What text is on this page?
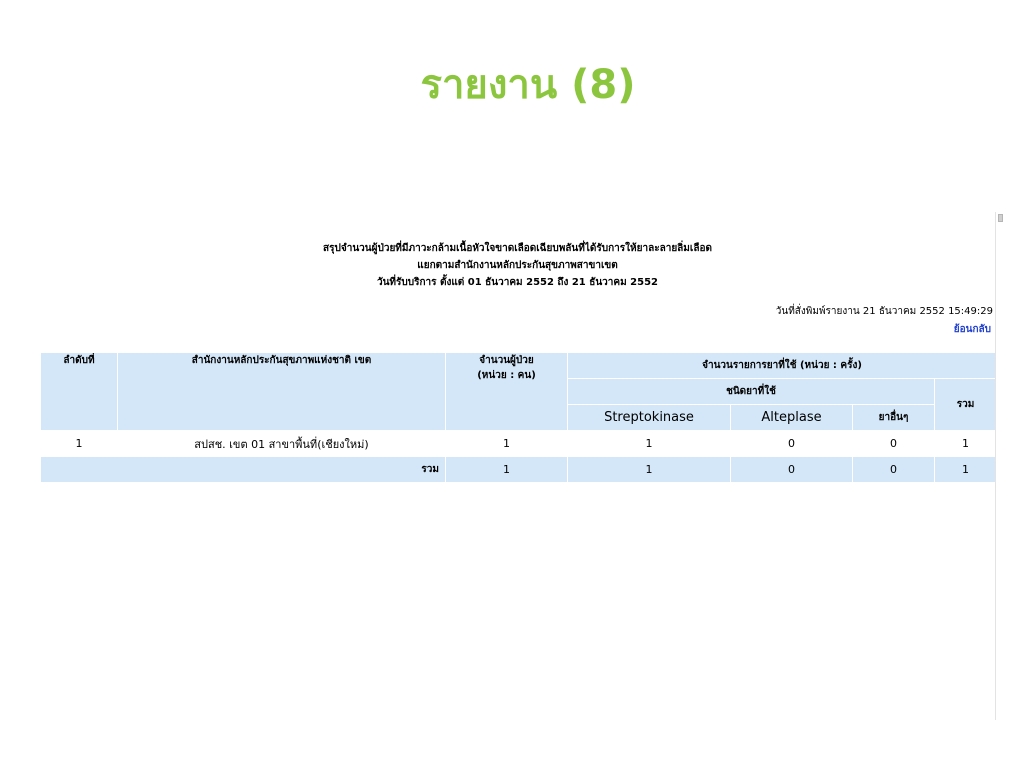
รายงาน (8)
สรุปจำนวนผู้ป่วยที่มีภาวะกล้ามเนื้อหัวใจขาดเลือดเฉียบพลันที่ได้รับการให้ยาละลายลิ่มเลือด
แยกตามสำนักงานหลักประกันสุขภาพสาขาเขต
วันที่รับบริการ ตั้งแต่ 01 ธันวาคม 2552 ถึง 21 ธันวาคม 2552
วันที่สั่งพิมพ์รายงาน 21 ธันวาคม 2552 15:49:29
ย้อนกลับ
ลำดับที่	สำนักงานหลักประกันสุขภาพแห่งชาติ เขต	จำนวนผู้ป่วย
(หน่วย : คน)	จำนวนรายการยาที่ใช้ (หน่วย : ครั้ง)			
			ชนิดยาที่ใช้			รวม
			Streptokinase	Alteplase	ยาอื่นๆ	
1	สปสช. เขต 01 สาขาพื้นที่(เชียงใหม่)	1	1	0	0	1
รวม		1	1	0	0	1
